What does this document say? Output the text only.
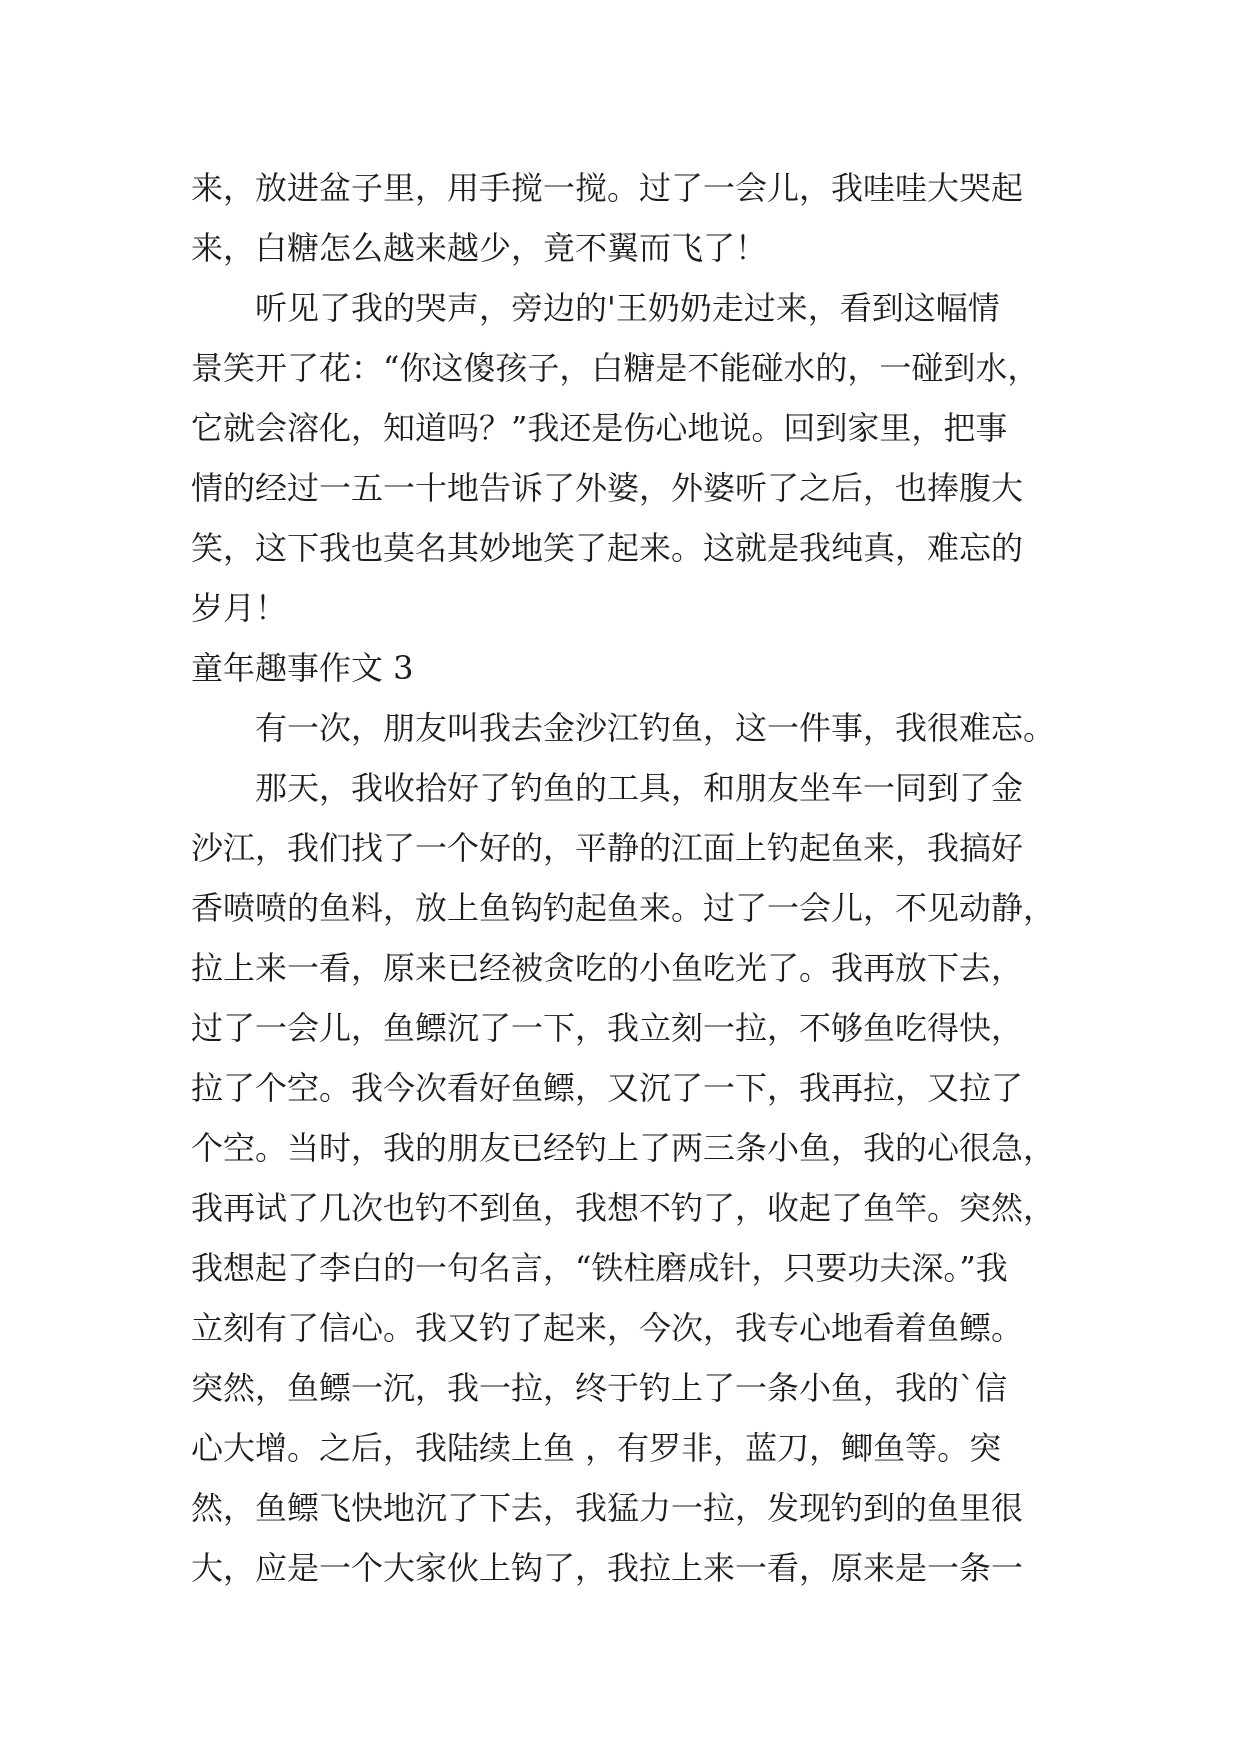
来，放进盆子里，用手搅一搅。过了一会儿，我哇哇大哭起
来，白糖怎么越来越少，竟不翼而飞了！
听见了我的哭声，旁边的'王奶奶走过来，看到这幅情
景笑开了花：“你这傻孩子，白糖是不能碰水的，一碰到水，
它就会溶化，知道吗？”我还是伤心地说。回到家里，把事
情的经过一五一十地告诉了外婆，外婆听了之后，也捧腹大
笑，这下我也莫名其妙地笑了起来。这就是我纯真，难忘的
岁月！
童年趣事作文 3
有一次，朋友叫我去金沙江钓鱼，这一件事，我很难忘。
那天，我收拾好了钓鱼的工具，和朋友坐车一同到了金
沙江，我们找了一个好的，平静的江面上钓起鱼来，我搞好
香喷喷的鱼料，放上鱼钩钓起鱼来。过了一会儿，不见动静，
拉上来一看，原来已经被贪吃的小鱼吃光了。我再放下去，
过了一会儿，鱼鳔沉了一下，我立刻一拉，不够鱼吃得快，
拉了个空。我今次看好鱼鳔，又沉了一下，我再拉，又拉了
个空。当时，我的朋友已经钓上了两三条小鱼，我的心很急，
我再试了几次也钓不到鱼，我想不钓了，收起了鱼竿。突然，
我想起了李白的一句名言，“铁柱磨成针，只要功夫深。”我
立刻有了信心。我又钓了起来，今次，我专心地看着鱼鳔。
突然，鱼鳔一沉，我一拉，终于钓上了一条小鱼，我的`信
心大增。之后，我陆续上鱼 ，有罗非，蓝刀，鲫鱼等。突
然，鱼鳔飞快地沉了下去，我猛力一拉，发现钓到的鱼里很
大，应是一个大家伙上钩了，我拉上来一看，原来是一条一
